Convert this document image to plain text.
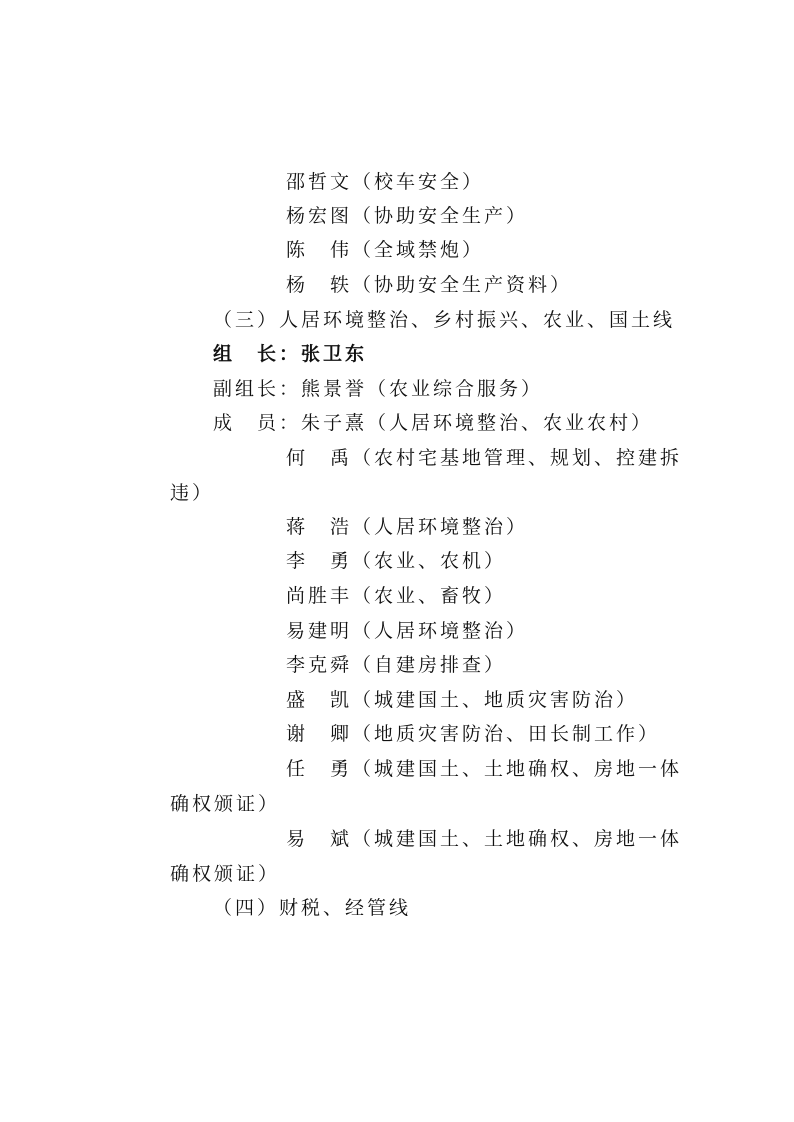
邵哲文（校车安全）
杨宏图（协助安全生产）
陈　伟（全域禁炮）
杨　轶（协助安全生产资料）
（三）人居环境整治、乡村振兴、农业、国土线
组　长：张卫东
副组长：熊景誉（农业综合服务）
成　员：朱子熹（人居环境整治、农业农村）
何　禹（农村宅基地管理、规划、控建拆
违）
蒋　浩（人居环境整治）
李　勇（农业、农机）
尚胜丰（农业、畜牧）
易建明（人居环境整治）
李克舜（自建房排查）
盛　凯（城建国土、地质灾害防治）
谢　卿（地质灾害防治、田长制工作）
任　勇（城建国土、土地确权、房地一体
确权颁证）
易　斌（城建国土、土地确权、房地一体
确权颁证）
（四）财税、经管线
